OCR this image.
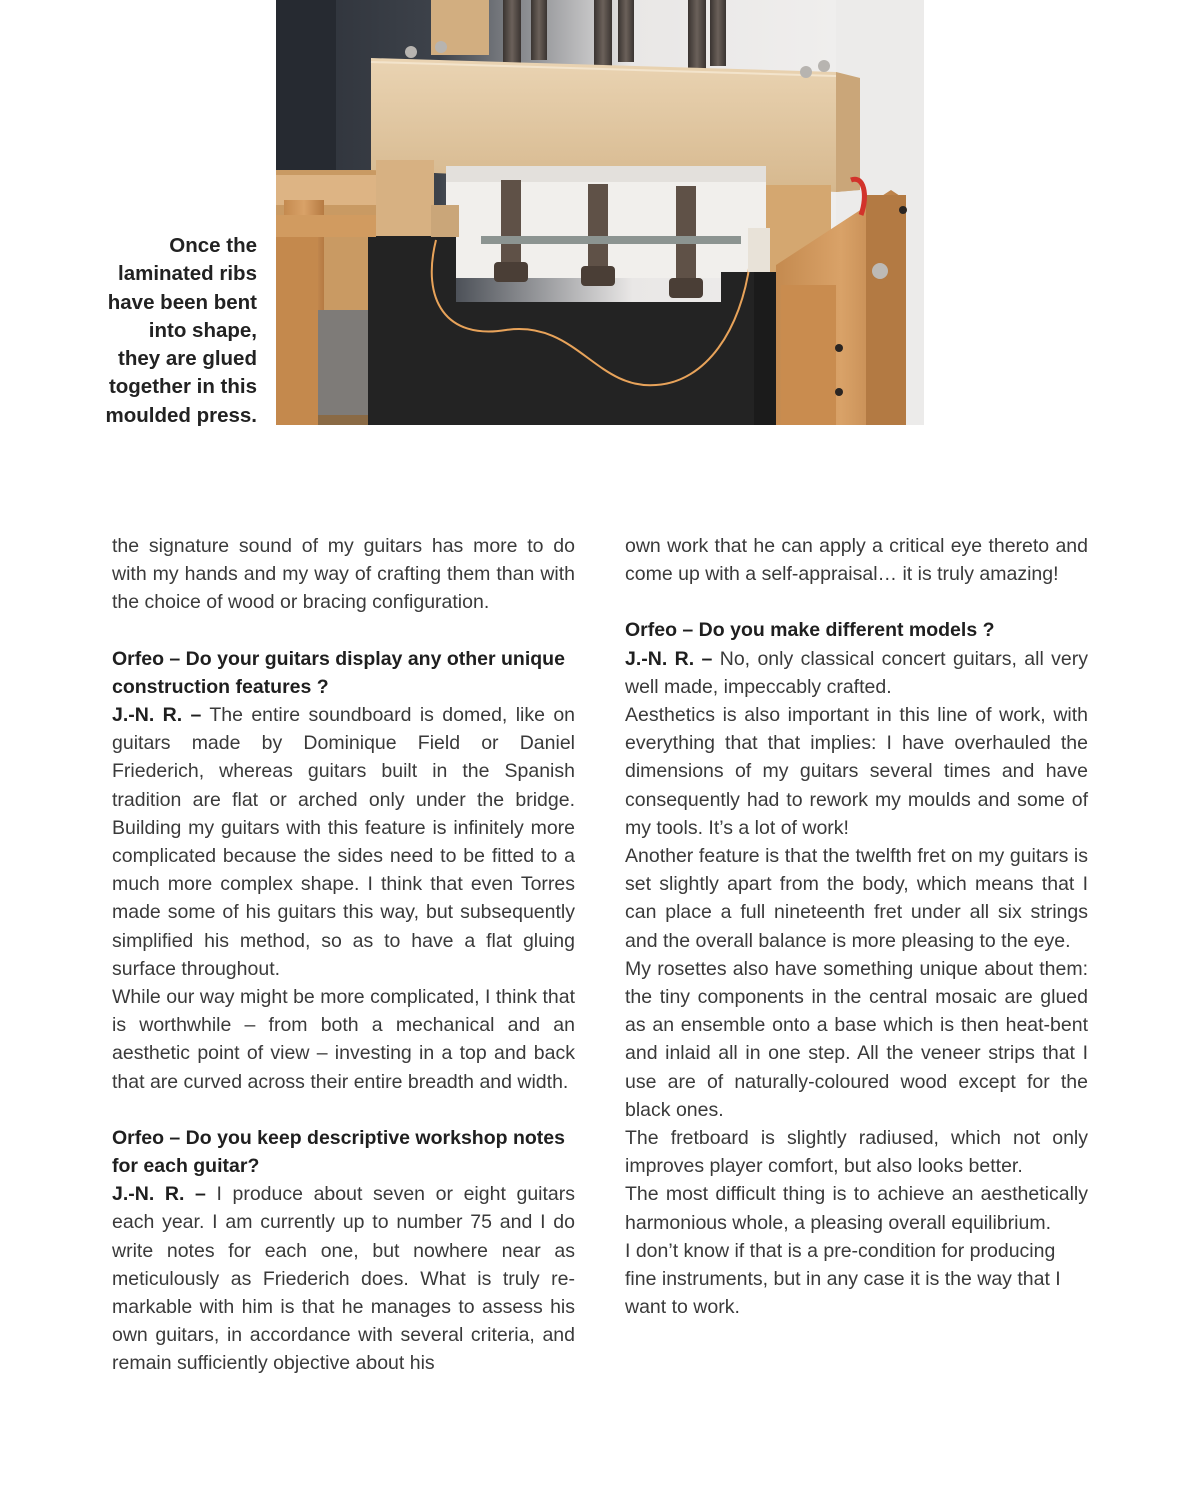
Once the
laminated ribs
have been bent
into shape,
they are glued
together in this
moulded press.

the signature sound of my guitars has more to do with my hands and my way of crafting them than with the choice of wood or bracing configuration.

Orfeo – Do your guitars display any other unique construction features ?

J.-N. R. – The entire soundboard is domed, like on guitars made by Dominique Field or Daniel Friederich, whereas guitars built in the Spanish tradition are flat or arched only under the bridge. Building my guitars with this feature is infinitely more complicated because the sides need to be fitted to a much more complex shape. I think that even Torres made some of his guitars this way, but subsequently simplified his method, so as to have a flat gluing surface throughout.

While our way might be more complicated, I think that is worthwhile – from both a mechanical and an aesthetic point of view – investing in a top and back that are curved across their entire breadth and width.

Orfeo – Do you keep descriptive workshop notes for each guitar?

J.-N. R. – I produce about seven or eight guitars each year. I am currently up to number 75 and I do write notes for each one, but nowhere near as meticulously as Friederich does. What is truly remarkable with him is that he manages to assess his own guitars, in accordance with several criteria, and remain sufficiently objective about his

own work that he can apply a critical eye thereto and come up with a self-appraisal… it is truly amazing!

Orfeo – Do you make different models ?

J.-N. R. – No, only classical concert guitars, all very well made, impeccably crafted.

Aesthetics is also important in this line of work, with everything that that implies: I have overhauled the dimensions of my guitars several times and have consequently had to rework my moulds and some of my tools. It’s a lot of work!

Another feature is that the twelfth fret on my guitars is set slightly apart from the body, which means that I can place a full nineteenth fret under all six strings and the overall balance is more pleasing to the eye.

My rosettes also have something unique about them: the tiny components in the central mosaic are glued as an ensemble onto a base which is then heat-bent and inlaid all in one step. All the veneer strips that I use are of naturally-coloured wood except for the black ones.

The fretboard is slightly radiused, which not only improves player comfort, but also looks better.

The most difficult thing is to achieve an aesthetically harmonious whole, a pleasing overall equilibrium.

I don’t know if that is a pre-condition for producing fine instruments, but in any case it is the way that I want to work.
